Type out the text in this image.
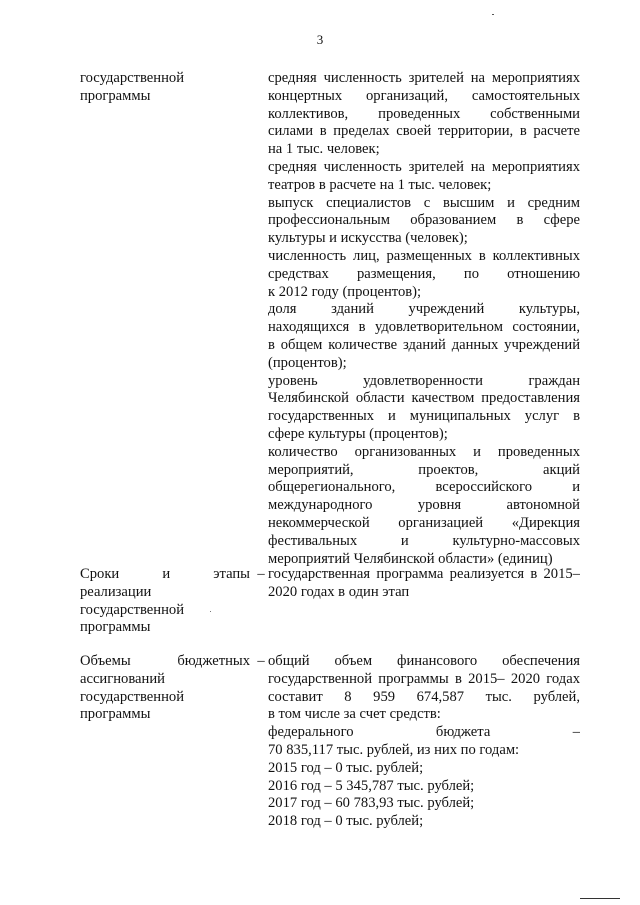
3
государственной
программы
средняя численность зрителей на мероприятиях
концертных организаций, самостоятельных
коллективов, проведенных собственными
силами в пределах своей территории, в расчете
на 1 тыс. человек;
средняя численность зрителей на мероприятиях
театров в расчете на 1 тыс. человек;
выпуск специалистов с высшим и средним
профессиональным образованием в сфере
культуры и искусства (человек);
численность лиц, размещенных в коллективных
средствах размещения, по отношению
к 2012 году (процентов);
доля зданий учреждений культуры,
находящихся в удовлетворительном состоянии,
в общем количестве зданий данных учреждений
(процентов);
уровень удовлетворенности граждан
Челябинской области качеством предоставления
государственных и муниципальных услуг в
сфере культуры (процентов);
количество организованных и проведенных
мероприятий, проектов, акций
общерегионального, всероссийского и
международного уровня автономной
некоммерческой организацией «Дирекция
фестивальных и культурно-массовых
мероприятий Челябинской области» (единиц)
Сроки и этапы
реализации
государственной
программы
– государственная программа реализуется в 2015–
2020 годах в один этап
Объемы бюджетных
ассигнований
государственной
программы
– общий объем финансового обеспечения
государственной программы в 2015– 2020 годах
составит 8 959 674,587 тыс. рублей,
в том числе за счет средств:
федерального бюджета –
70 835,117 тыс. рублей, из них по годам:
2015 год – 0 тыс. рублей;
2016 год – 5 345,787 тыс. рублей;
2017 год – 60 783,93 тыс. рублей;
2018 год – 0 тыс. рублей;
